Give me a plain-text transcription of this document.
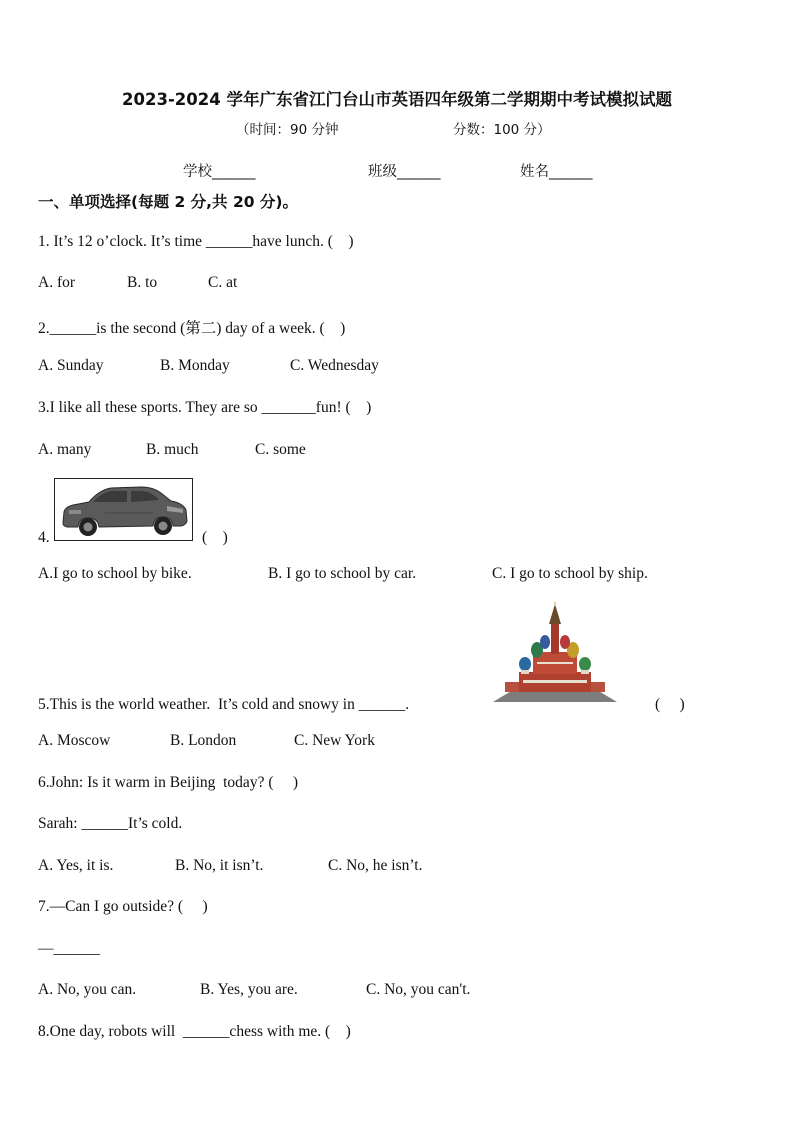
2023-2024 学年广东省江门台山市英语四年级第二学期期中考试模拟试题
（时间：90 分钟	分数：100 分）
学校______	班级______	姓名______
一、单项选择(每题 2 分,共 20 分)。
1. It’s 12 o’clock. It’s time ______have lunch. (    )
A. for	B. to	C. at
2.______is the second (第二) day of a week. (    )
A. Sunday	B. Monday	C. Wednesday
3.I like all these sports. They are so _______fun! (    )
A. many	B. much	C. some
4.	(    )
A.I go to school by bike.	B. I go to school by car.	C. I go to school by ship.
5.This is the world weather.  It’s cold and snowy in ______.	(     )
A. Moscow	B. London	C. New York
6.John: Is it warm in Beijing  today? (     )
Sarah: ______It’s cold.
A. Yes, it is.	B. No, it isn’t.	C. No, he isn’t.
7.—Can I go outside? (     )
—______
A. No, you can.	B. Yes, you are.	C. No, you can't.
8.One day, robots will  ______chess with me. (    )
